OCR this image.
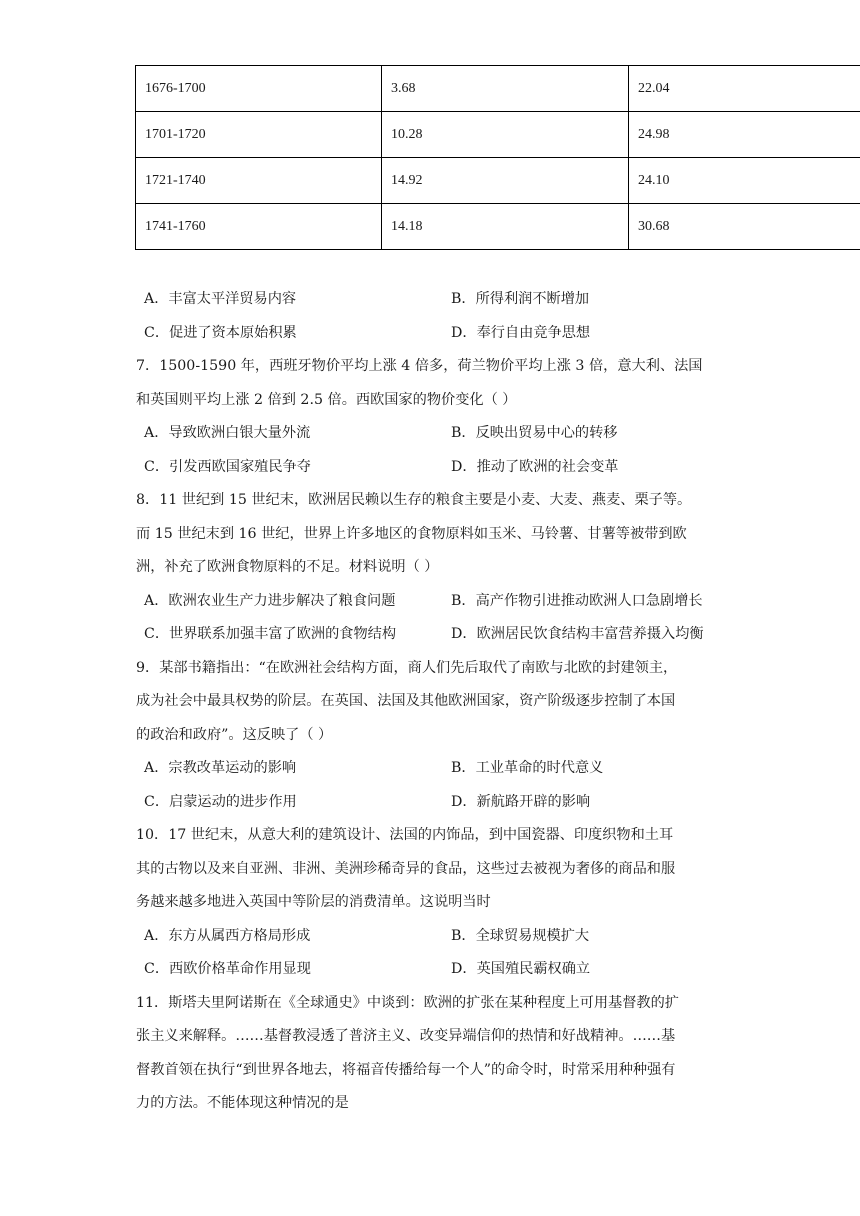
1676-1700	3.68	22.04
1701-1720	10.28	24.98
1721-1740	14.92	24.10
1741-1760	14.18	30.68
A．丰富太平洋贸易内容	B．所得利润不断增加
C．促进了资本原始积累	D．奉行自由竞争思想
7．1500-1590 年，西班牙物价平均上涨 4 倍多，荷兰物价平均上涨 3 倍，意大利、法国
和英国则平均上涨 2 倍到 2.5 倍。西欧国家的物价变化（ ）
A．导致欧洲白银大量外流	B．反映出贸易中心的转移
C．引发西欧国家殖民争夺	D．推动了欧洲的社会变革
8．11 世纪到 15 世纪末，欧洲居民赖以生存的粮食主要是小麦、大麦、燕麦、栗子等。
而 15 世纪末到 16 世纪，世界上许多地区的食物原料如玉米、马铃薯、甘薯等被带到欧
洲，补充了欧洲食物原料的不足。材料说明（ ）
A．欧洲农业生产力进步解决了粮食问题	B．高产作物引进推动欧洲人口急剧增长
C．世界联系加强丰富了欧洲的食物结构	D．欧洲居民饮食结构丰富营养摄入均衡
9．某部书籍指出：“在欧洲社会结构方面，商人们先后取代了南欧与北欧的封建领主，
成为社会中最具权势的阶层。在英国、法国及其他欧洲国家，资产阶级逐步控制了本国
的政治和政府”。这反映了（ ）
A．宗教改革运动的影响	B．工业革命的时代意义
C．启蒙运动的进步作用	D．新航路开辟的影响
10．17 世纪末，从意大利的建筑设计、法国的内饰品，到中国瓷器、印度织物和土耳
其的古物以及来自亚洲、非洲、美洲珍稀奇异的食品，这些过去被视为奢侈的商品和服
务越来越多地进入英国中等阶层的消费清单。这说明当时
A．东方从属西方格局形成	B．全球贸易规模扩大
C．西欧价格革命作用显现	D．英国殖民霸权确立
11．斯塔夫里阿诺斯在《全球通史》中谈到：欧洲的扩张在某种程度上可用基督教的扩
张主义来解释。……基督教浸透了普济主义、改变异端信仰的热情和好战精神。……基
督教首领在执行“到世界各地去，将福音传播给每一个人”的命令时，时常采用种种强有
力的方法。不能体现这种情况的是
